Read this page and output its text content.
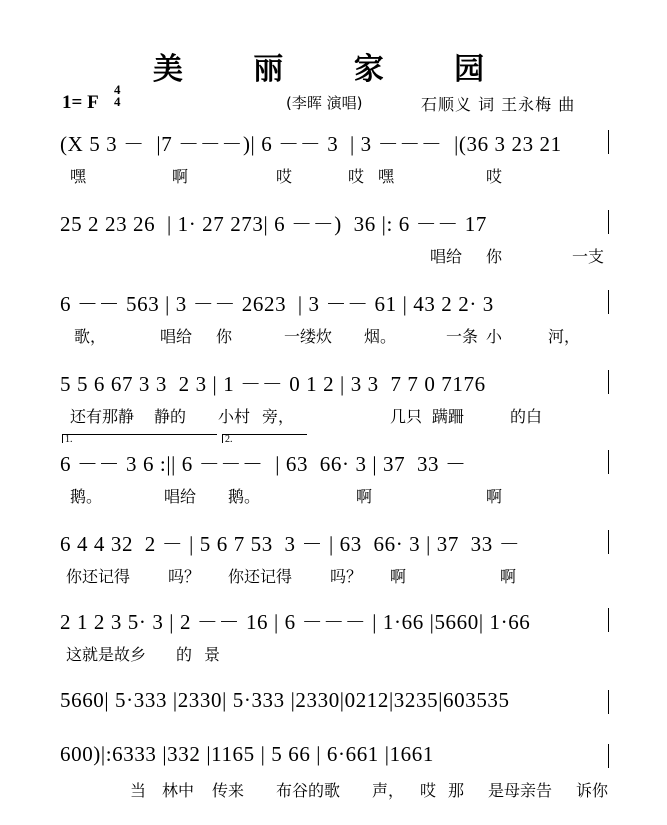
美 丽 家 园
1= F
4
4	(李晖 演唱)	石顺义 词 王永梅 曲
(X 5 3 －  |7 －－－)| 6 －－ 3  | 3 －－－  |(36 3 23 21
嘿	啊	哎	哎 嘿	哎
25 2 23 26  | 1· 27 273| 6 －－)  36 |: 6 －－ 17
唱给 你	一支
6 －－ 563 | 3 －－ 2623  | 3 －－ 61 | 43 2 2· 3
歌，	唱给 你	一缕炊 烟。	一条 小	河，
5 5 6 67 3 3  2 3 | 1 －－ 0 1 2 | 3 3  7 7 0 7176
还有那静 静的 小村 旁，	几只 蹒跚	的白
6 －－ 3 6 :|| 6 －－－  | 63  66· 3 | 37  33 －
1.	2.
鹅。	唱给 鹅。	啊	啊
6 4 4 32  2 － | 5 6 7 53  3 － | 63  66· 3 | 37  33 －
你还记得 吗？ 你还记得 吗？ 啊	啊
2 1 2 3 5· 3 | 2 －－ 16 | 6 －－－ | 1·66 |5660| 1·66
这就是故乡 的 景
5660| 5·333 |2330| 5·333 |2330|0212|3235|603535
600)|:6333 |332 |1165 | 5 66 | 6·661 |1661
当 林中 传来 布谷的歌 声， 哎 那 是母亲告 诉你
